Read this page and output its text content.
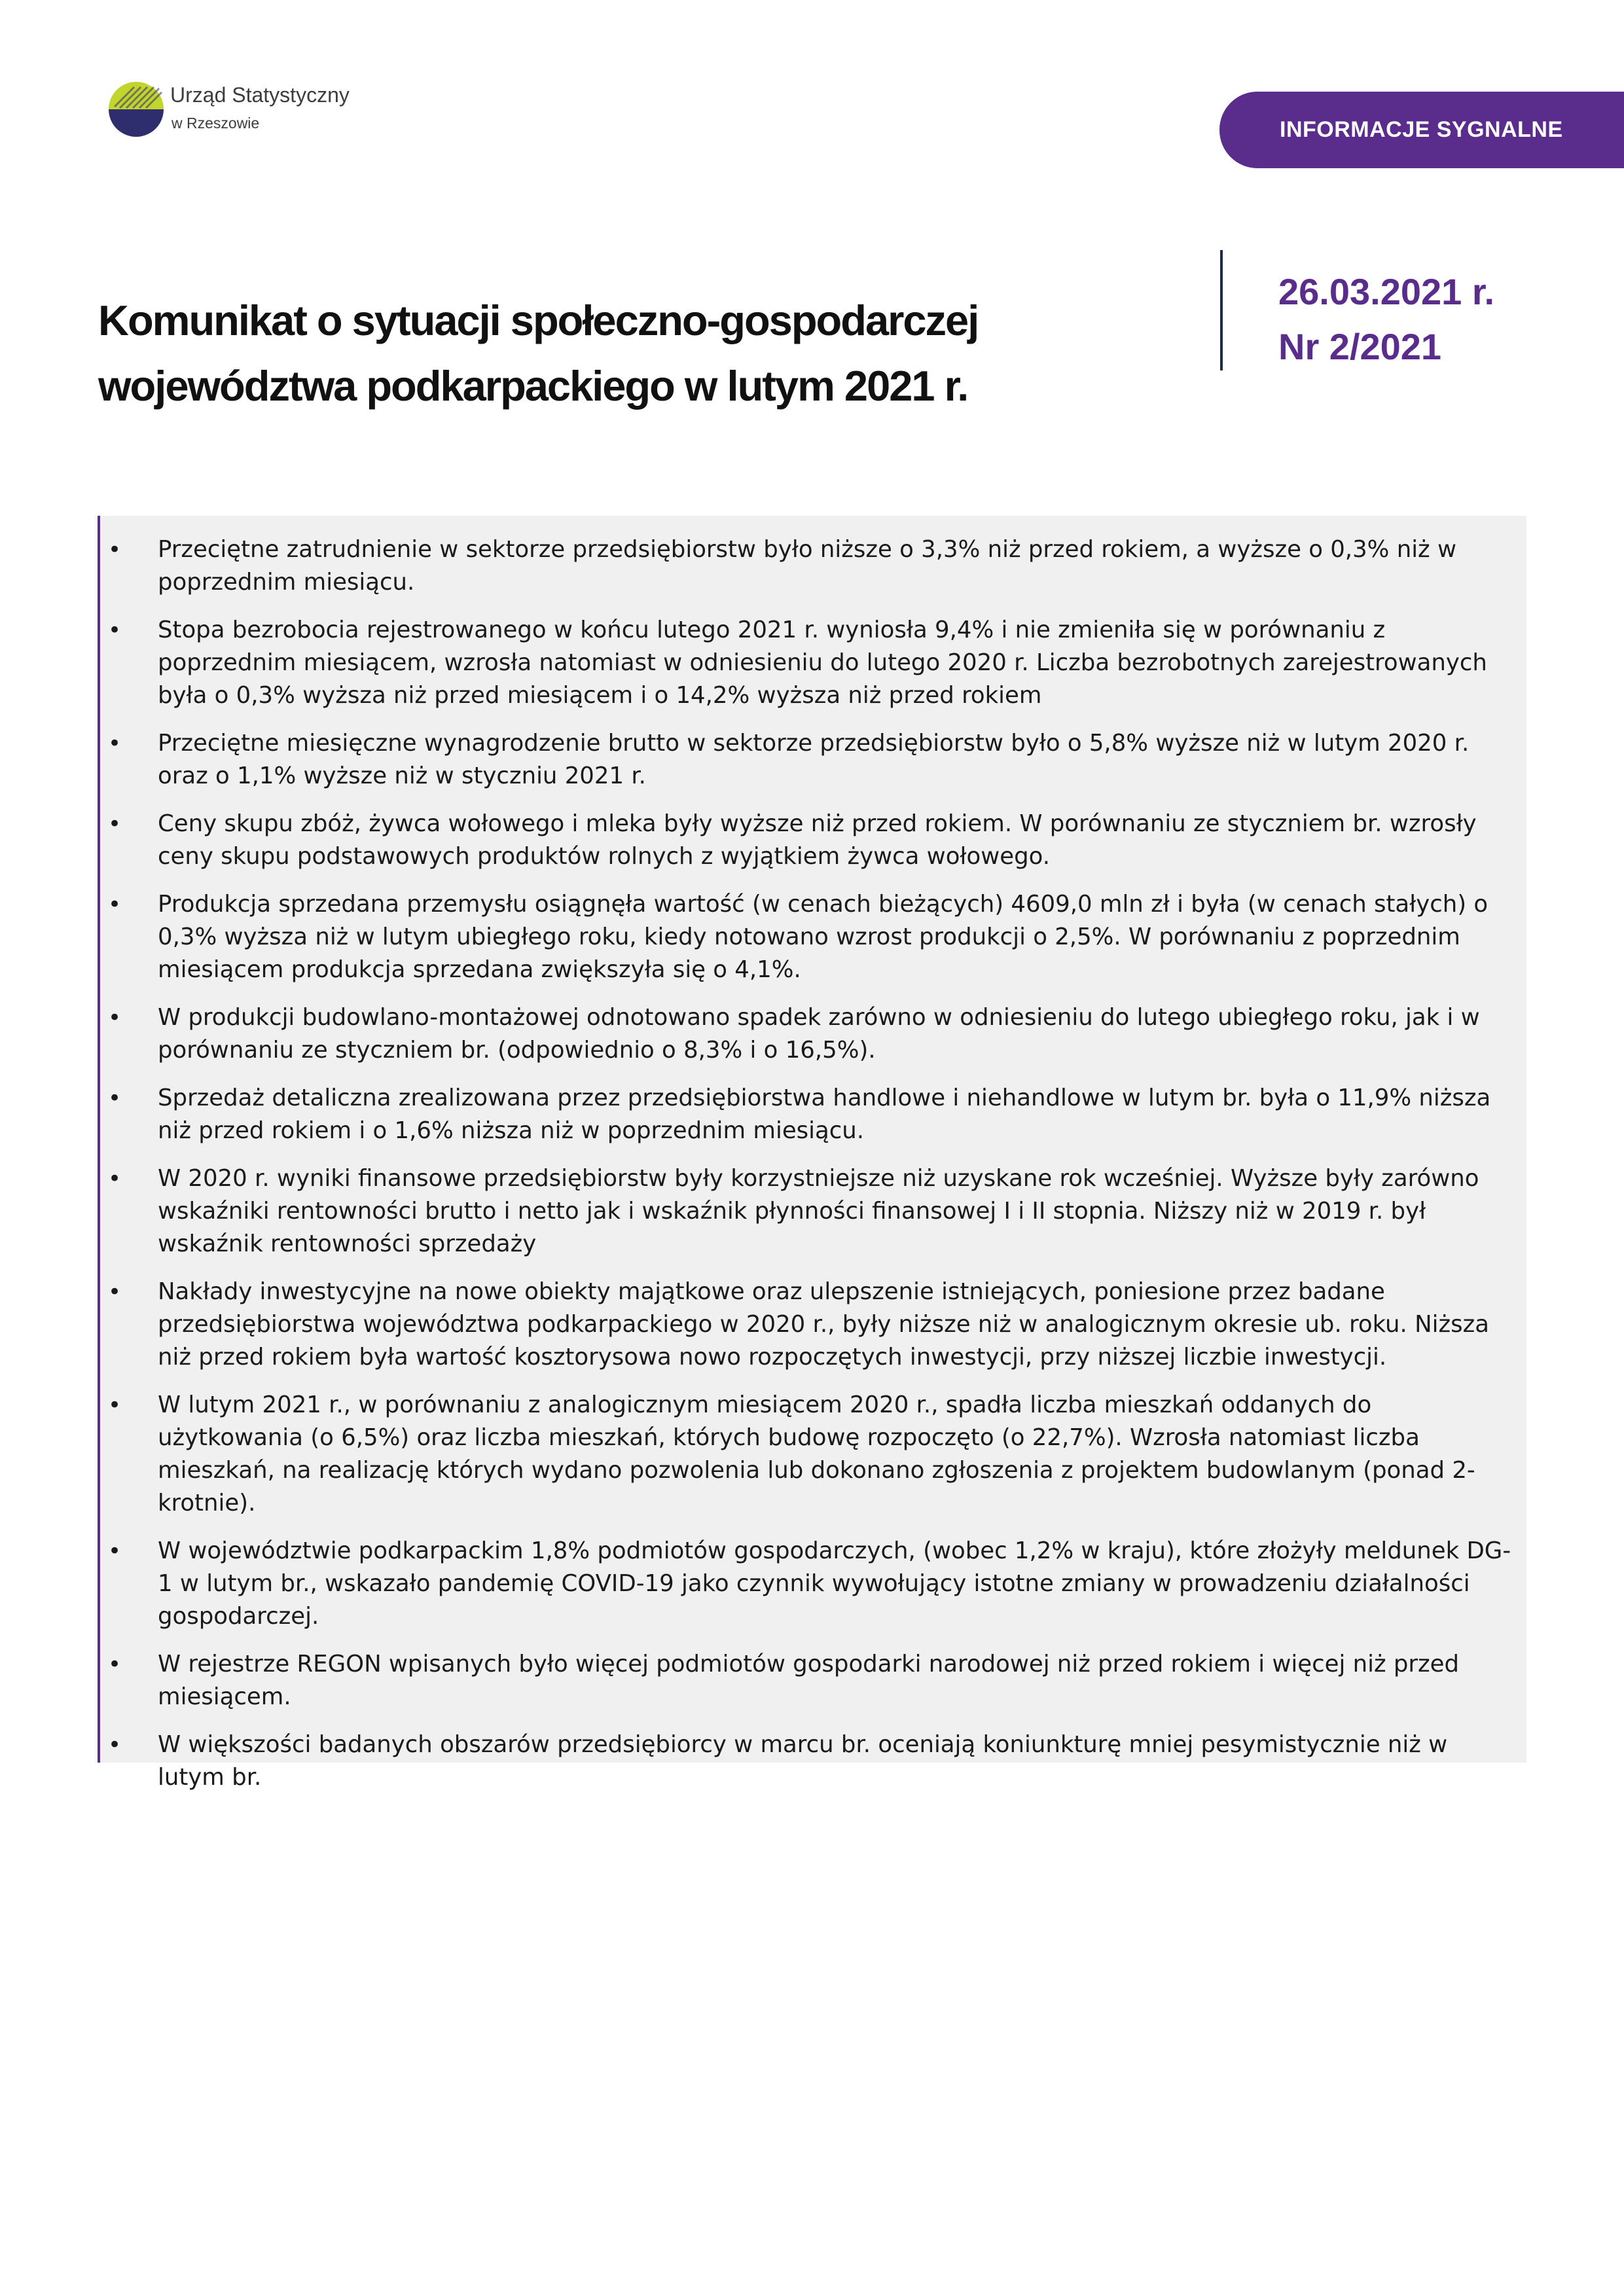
Urząd Statystyczny
w Rzeszowie	INFORMACJE SYGNALNE
Komunikat o sytuacji społeczno-gospodarczej
województwa podkarpackiego w lutym 2021 r.
26.03.2021 r.
Nr 2/2021
• Przeciętne zatrudnienie w sektorze przedsiębiorstw było niższe o 3,3% niż przed rokiem, a wyższe o 0,3% niż w poprzednim miesiącu.
• Stopa bezrobocia rejestrowanego w końcu lutego 2021 r. wyniosła 9,4% i nie zmieniła się w porównaniu z poprzednim miesiącem, wzrosła natomiast w odniesieniu do lutego 2020 r. Liczba bezrobotnych zarejestrowanych była o 0,3% wyższa niż przed miesiącem i o 14,2% wyższa niż przed rokiem
• Przeciętne miesięczne wynagrodzenie brutto w sektorze przedsiębiorstw było o 5,8% wyższe niż w lutym 2020 r. oraz o 1,1% wyższe niż w styczniu 2021 r.
• Ceny skupu zbóż, żywca wołowego i mleka były wyższe niż przed rokiem. W porównaniu ze styczniem br. wzrosły ceny skupu podstawowych produktów rolnych z wyjątkiem żywca wołowego.
• Produkcja sprzedana przemysłu osiągnęła wartość (w cenach bieżących) 4609,0 mln zł i była (w cenach stałych) o 0,3% wyższa niż w lutym ubiegłego roku, kiedy notowano wzrost produkcji o 2,5%. W porównaniu z poprzednim miesiącem produkcja sprzedana zwiększyła się o 4,1%.
• W produkcji budowlano-montażowej odnotowano spadek zarówno w odniesieniu do lutego ubiegłego roku, jak i w porównaniu ze styczniem br. (odpowiednio o 8,3% i o 16,5%).
• Sprzedaż detaliczna zrealizowana przez przedsiębiorstwa handlowe i niehandlowe w lutym br. była o 11,9% niższa niż przed rokiem i o 1,6% niższa niż w poprzednim miesiącu.
• W 2020 r. wyniki finansowe przedsiębiorstw były korzystniejsze niż uzyskane rok wcześniej. Wyższe były zarówno wskaźniki rentowności brutto i netto jak i wskaźnik płynności finansowej I i II stopnia. Niższy niż w 2019 r. był wskaźnik rentowności sprzedaży
• Nakłady inwestycyjne na nowe obiekty majątkowe oraz ulepszenie istniejących, poniesione przez badane przedsiębiorstwa województwa podkarpackiego w 2020 r., były niższe niż w analogicznym okresie ub. roku. Niższa niż przed rokiem była wartość kosztorysowa nowo rozpoczętych inwestycji, przy niższej liczbie inwestycji.
• W lutym 2021 r., w porównaniu z analogicznym miesiącem 2020 r., spadła liczba mieszkań oddanych do użytkowania (o 6,5%) oraz liczba mieszkań, których budowę rozpoczęto (o 22,7%). Wzrosła natomiast liczba mieszkań, na realizację których wydano pozwolenia lub dokonano zgłoszenia z projektem budowlanym (ponad 2-krotnie).
• W województwie podkarpackim 1,8% podmiotów gospodarczych, (wobec 1,2% w kraju), które złożyły meldunek DG-1 w lutym br., wskazało pandemię COVID-19 jako czynnik wywołujący istotne zmiany w prowadzeniu działalności gospodarczej.
• W rejestrze REGON wpisanych było więcej podmiotów gospodarki narodowej niż przed rokiem i więcej niż przed miesiącem.
• W większości badanych obszarów przedsiębiorcy w marcu br. oceniają koniunkturę mniej pesymistycznie niż w lutym br.
